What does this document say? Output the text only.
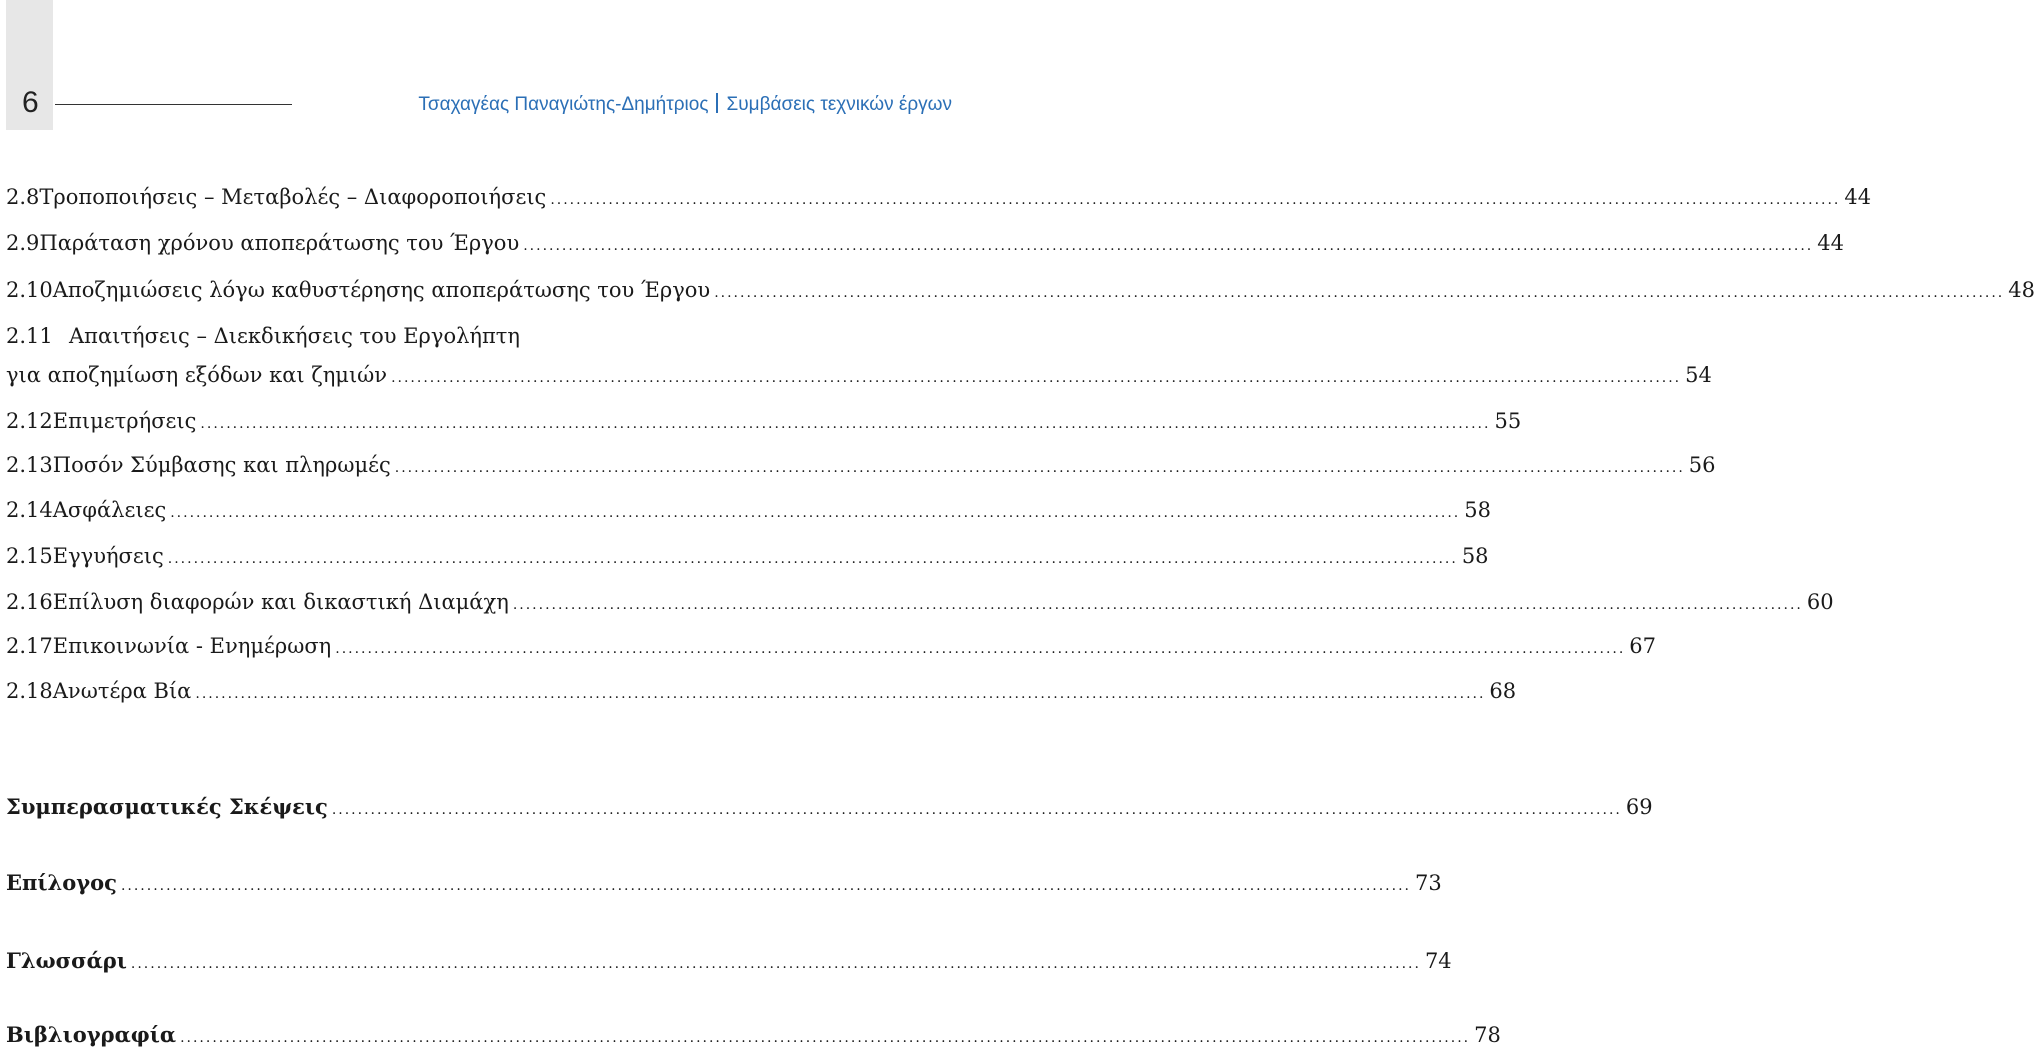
6	Τσαχαγέας Παναγιώτης-Δημήτριος Συμβάσεις τεχνικών έργων
2.8 Τροποποιήσεις – Μεταβολές – Διαφοροποιήσεις ........................................................................................................................................................................................................ 44
2.9 Παράταση χρόνου αποπεράτωσης του Έργου ........................................................................................................................................................................................................ 44
2.10 Αποζημιώσεις λόγω καθυστέρησης αποπεράτωσης του Έργου ........................................................................................................................................................................................................ 48
2.11 Απαιτήσεις – Διεκδικήσεις του Εργολήπτη
για αποζημίωση εξόδων και ζημιών ........................................................................................................................................................................................................ 54
2.12 Επιμετρήσεις ........................................................................................................................................................................................................ 55
2.13 Ποσόν Σύμβασης και πληρωμές ........................................................................................................................................................................................................ 56
2.14 Ασφάλειες ........................................................................................................................................................................................................ 58
2.15 Εγγυήσεις ........................................................................................................................................................................................................ 58
2.16 Επίλυση διαφορών και δικαστική Διαμάχη ........................................................................................................................................................................................................ 60
2.17 Επικοινωνία - Ενημέρωση ........................................................................................................................................................................................................ 67
2.18 Ανωτέρα Βία ........................................................................................................................................................................................................ 68
Συμπερασματικές Σκέψεις ........................................................................................................................................................................................................ 69
Επίλογος ........................................................................................................................................................................................................ 73
Γλωσσάρι ........................................................................................................................................................................................................ 74
Βιβλιογραφία ........................................................................................................................................................................................................ 78
